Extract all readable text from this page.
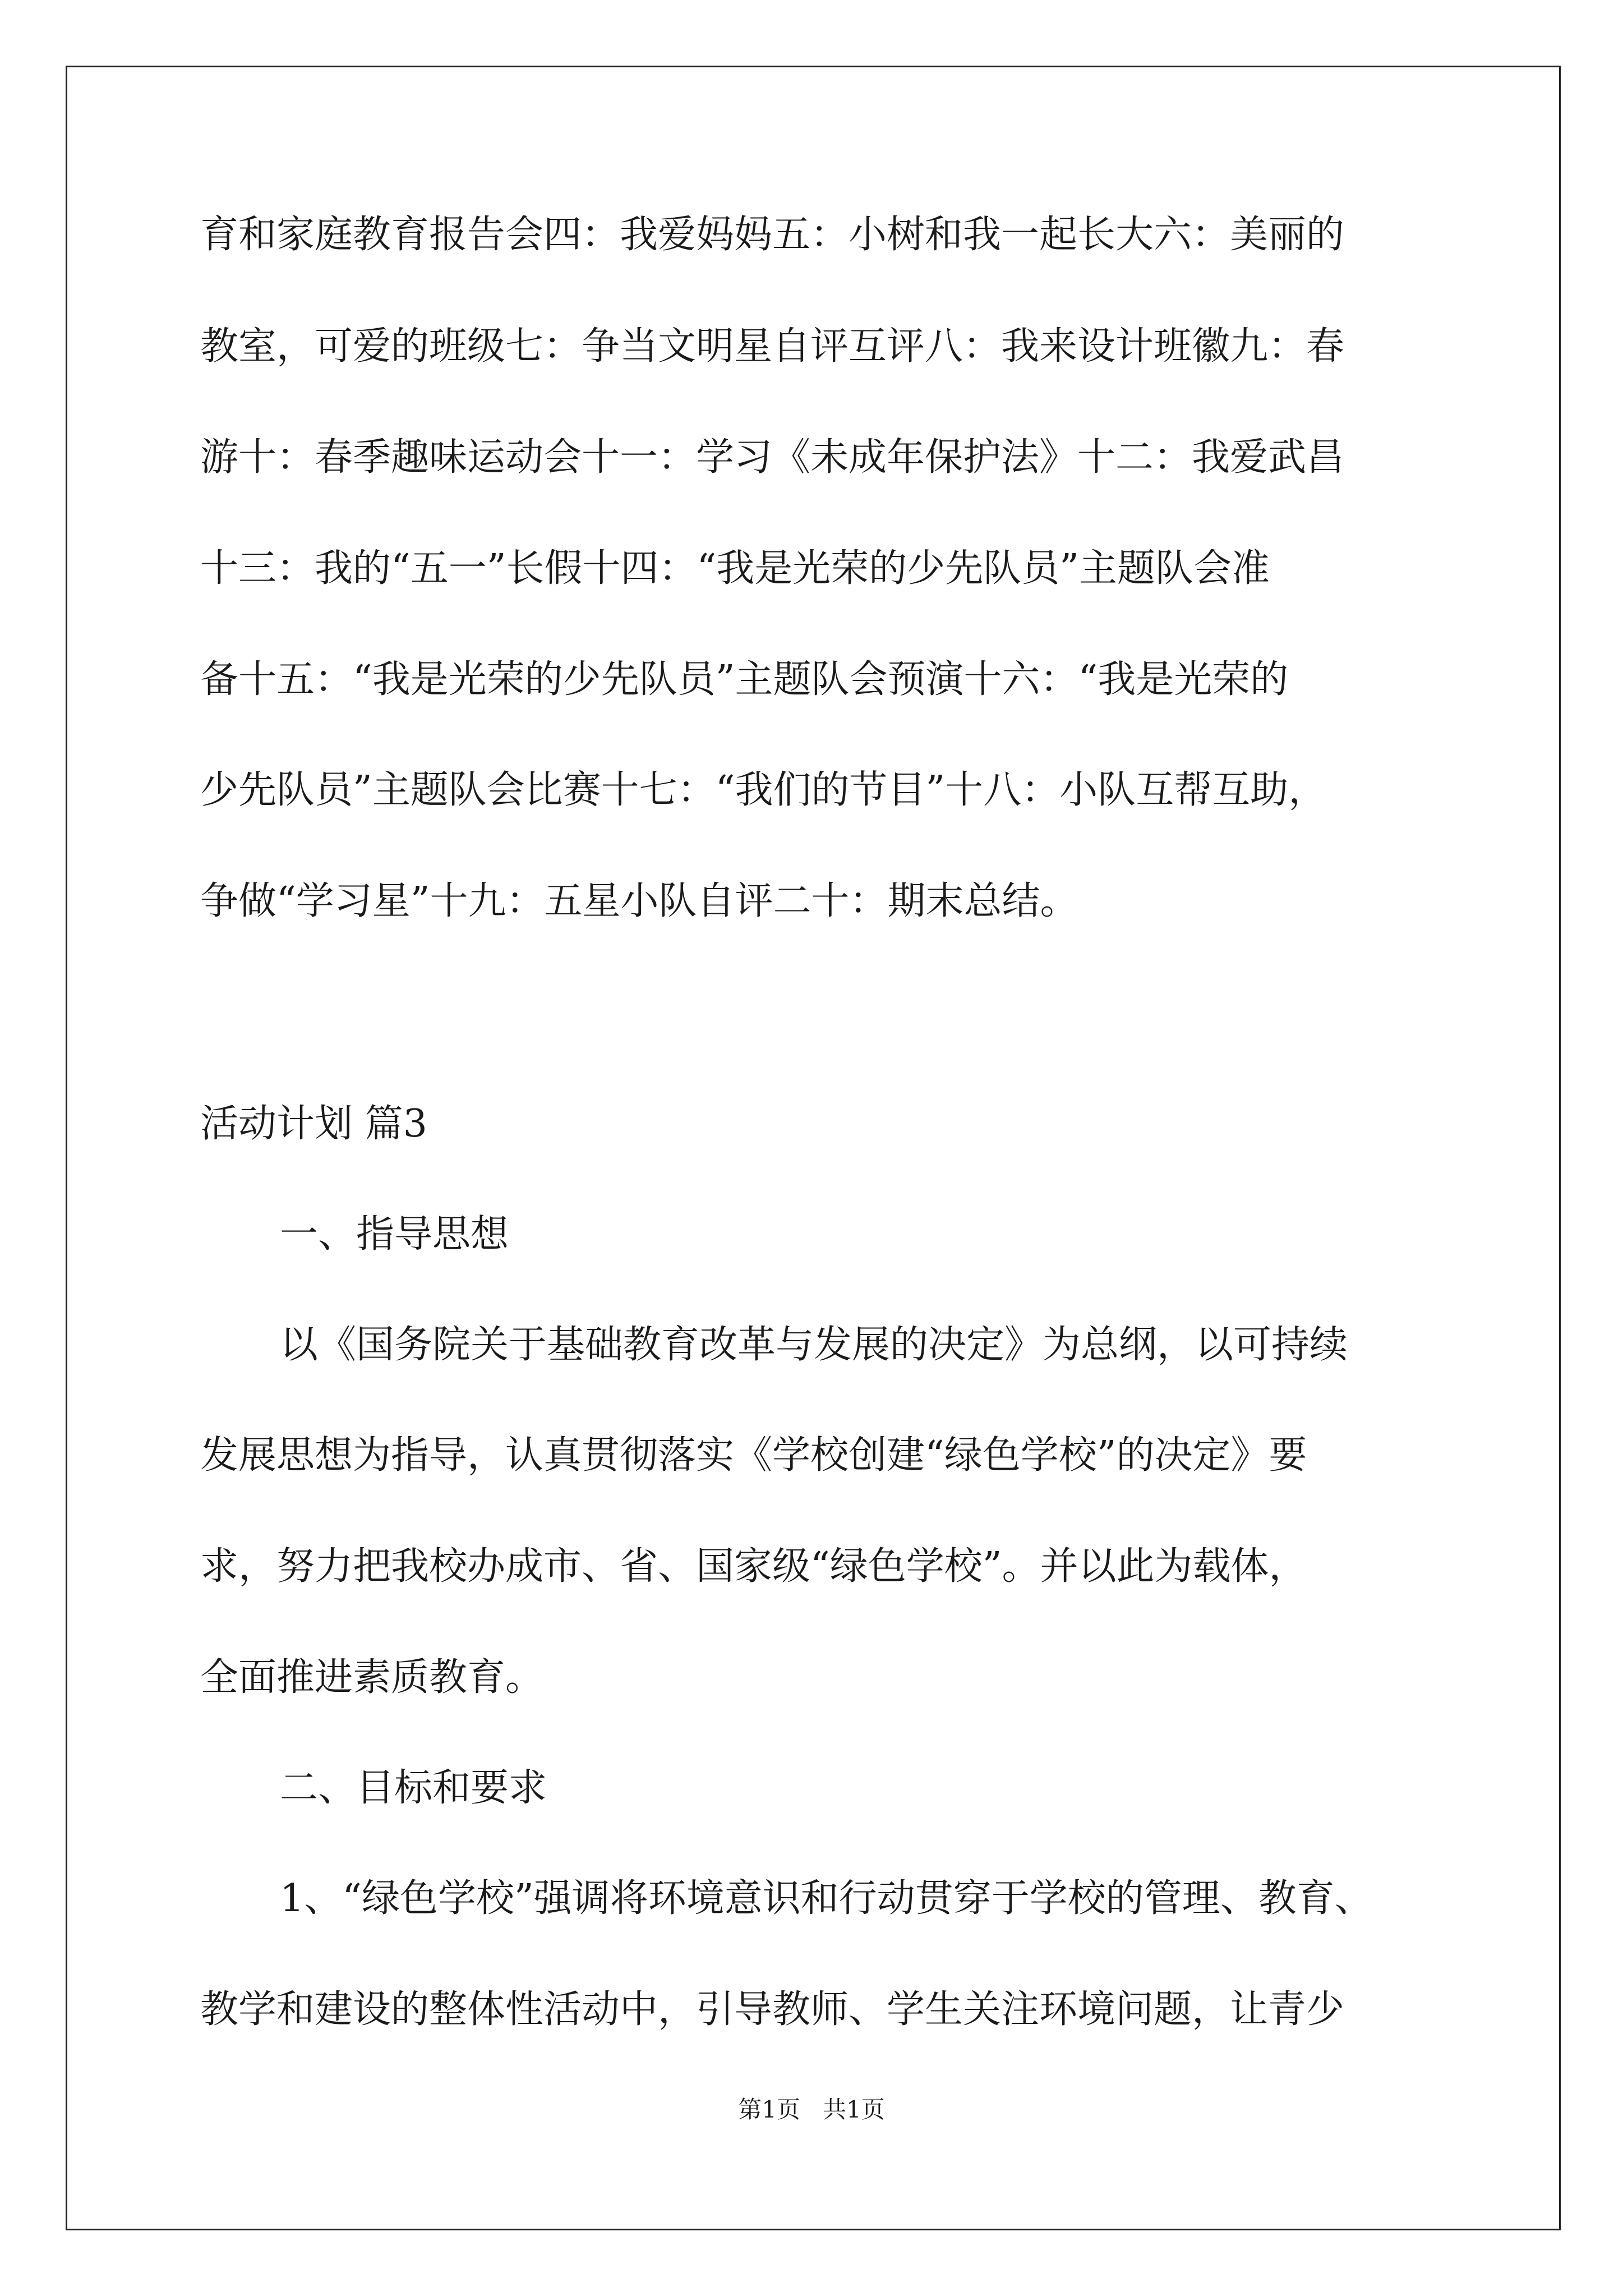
育和家庭教育报告会四：我爱妈妈五：小树和我一起长大六：美丽的
教室，可爱的班级七：争当文明星自评互评八：我来设计班徽九：春
游十：春季趣味运动会十一：学习《未成年保护法》十二：我爱武昌
十三：我的“五一”长假十四：“我是光荣的少先队员”主题队会准
备十五：“我是光荣的少先队员”主题队会预演十六：“我是光荣的
少先队员”主题队会比赛十七：“我们的节目”十八：小队互帮互助，
争做“学习星”十九：五星小队自评二十：期末总结。
活动计划 篇3
一、指导思想
以《国务院关于基础教育改革与发展的决定》为总纲，以可持续
发展思想为指导，认真贯彻落实《学校创建“绿色学校”的决定》要
求，努力把我校办成市、省、国家级“绿色学校”。并以此为载体，
全面推进素质教育。
二、目标和要求
1、“绿色学校”强调将环境意识和行动贯穿于学校的管理、教育、
教学和建设的整体性活动中，引导教师、学生关注环境问题，让青少
第1页   共1页
